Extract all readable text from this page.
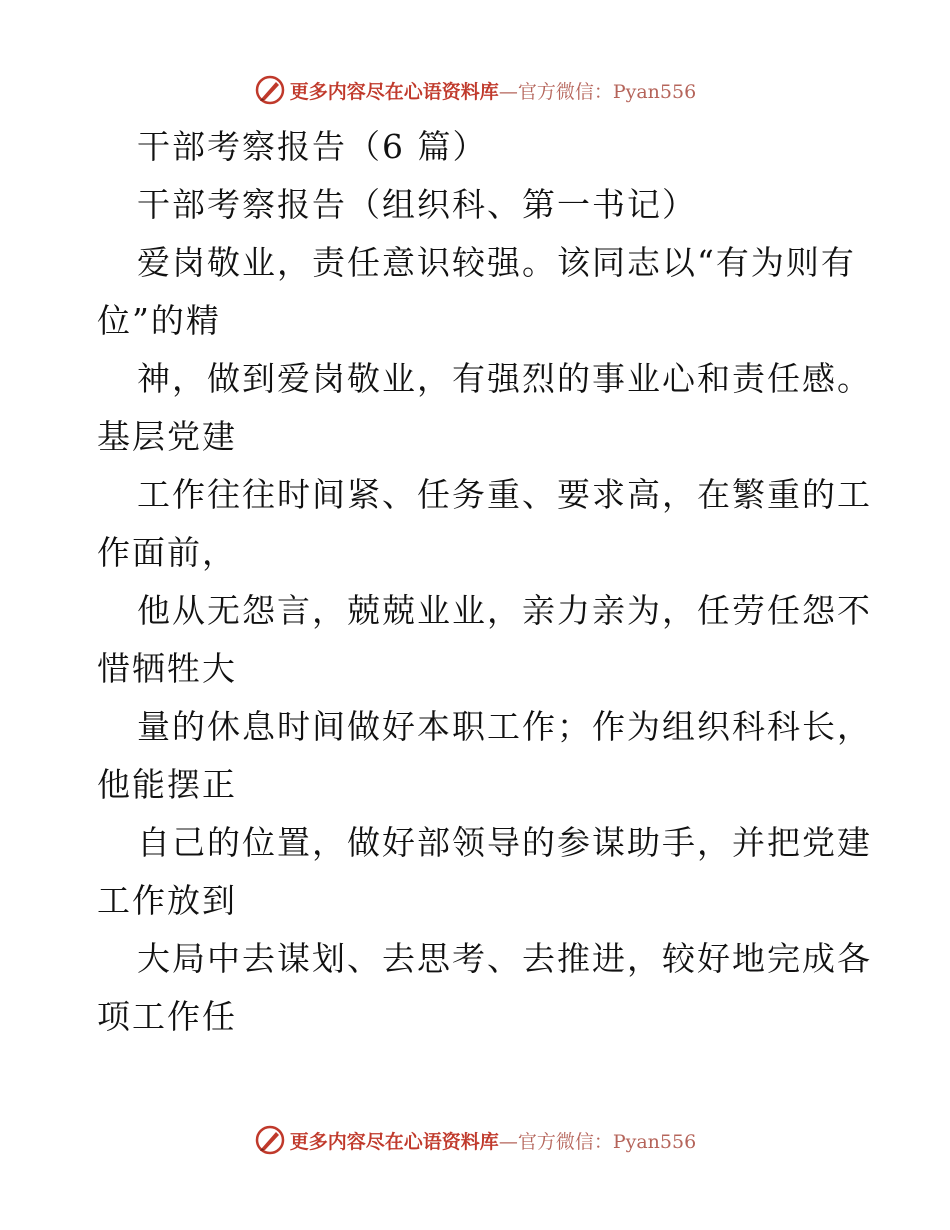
更多内容尽在心语资料库—官方微信：Pyan556
干部考察报告（6 篇）
干部考察报告（组织科、第一书记）
爱岗敬业，责任意识较强。该同志以“有为则有
位”的精
神，做到爱岗敬业，有强烈的事业心和责任感。
基层党建
工作往往时间紧、任务重、要求高，在繁重的工
作面前，
他从无怨言，兢兢业业，亲力亲为，任劳任怨不
惜牺牲大
量的休息时间做好本职工作；作为组织科科长，
他能摆正
自己的位置，做好部领导的参谋助手，并把党建
工作放到
大局中去谋划、去思考、去推进，较好地完成各
项工作任
更多内容尽在心语资料库—官方微信：Pyan556
